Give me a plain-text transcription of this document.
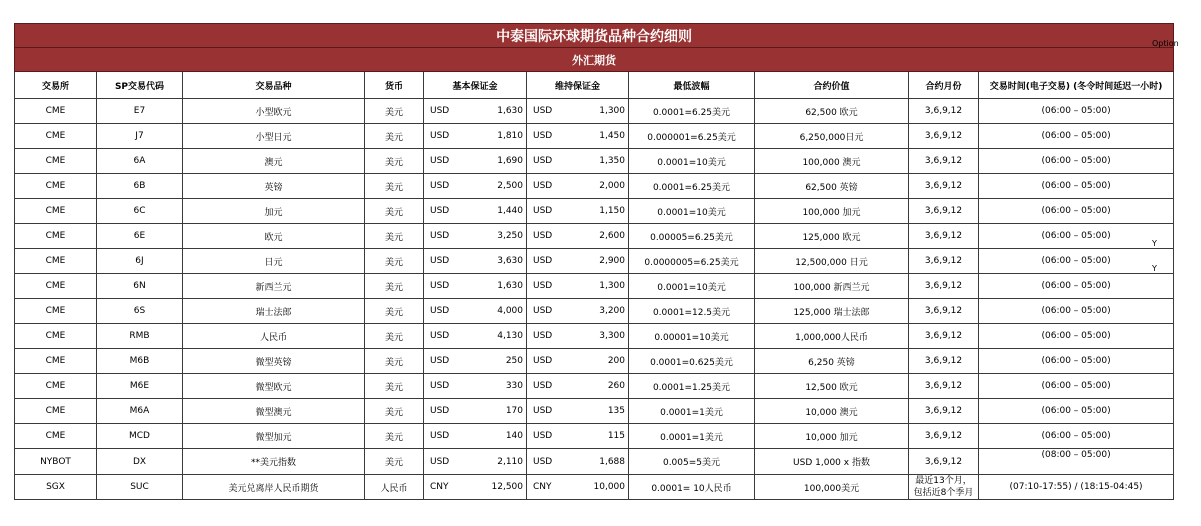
中泰国际环球期货品种合约细则											
外汇期货											
交易所	SP交易代码	交易品种	货币	基本保证金		维持保证金		最低波幅	合约价值	合约月份	交易时间(电子交易) (冬令时间延迟一小时)
CME	E7	小型欧元	美元	USD	1,630	USD	1,300	0.0001=6.25美元	62,500 欧元	3,6,9,12	(06:00 – 05:00)
CME	J7	小型日元	美元	USD	1,810	USD	1,450	0.000001=6.25美元	6,250,000日元	3,6,9,12	(06:00 – 05:00)
CME	6A	澳元	美元	USD	1,690	USD	1,350	0.0001=10美元	100,000 澳元	3,6,9,12	(06:00 – 05:00)
CME	6B	英镑	美元	USD	2,500	USD	2,000	0.0001=6.25美元	62,500 英镑	3,6,9,12	(06:00 – 05:00)
CME	6C	加元	美元	USD	1,440	USD	1,150	0.0001=10美元	100,000 加元	3,6,9,12	(06:00 – 05:00)
CME	6E	欧元	美元	USD	3,250	USD	2,600	0.00005=6.25美元	125,000 欧元	3,6,9,12	(06:00 – 05:00)
CME	6J	日元	美元	USD	3,630	USD	2,900	0.0000005=6.25美元	12,500,000 日元	3,6,9,12	(06:00 – 05:00)
CME	6N	新西兰元	美元	USD	1,630	USD	1,300	0.0001=10美元	100,000 新西兰元	3,6,9,12	(06:00 – 05:00)
CME	6S	瑞士法郎	美元	USD	4,000	USD	3,200	0.0001=12.5美元	125,000 瑞士法郎	3,6,9,12	(06:00 – 05:00)
CME	RMB	人民币	美元	USD	4,130	USD	3,300	0.00001=10美元	1,000,000人民币	3,6,9,12	(06:00 – 05:00)
CME	M6B	微型英镑	美元	USD	250	USD	200	0.0001=0.625美元	6,250 英镑	3,6,9,12	(06:00 – 05:00)
CME	M6E	微型欧元	美元	USD	330	USD	260	0.0001=1.25美元	12,500 欧元	3,6,9,12	(06:00 – 05:00)
CME	M6A	微型澳元	美元	USD	170	USD	135	0.0001=1美元	10,000 澳元	3,6,9,12	(06:00 – 05:00)
CME	MCD	微型加元	美元	USD	140	USD	115	0.0001=1美元	10,000 加元	3,6,9,12	(06:00 – 05:00)
NYBOT	DX	**美元指数	美元	USD	2,110	USD	1,688	0.005=5美元	USD 1,000 x 指数	3,6,9,12	(08:00 – 05:00)
SGX	SUC	美元兑离岸人民币期货	人民币	CNY	12,500	CNY	10,000	0.0001= 10人民币	100,000美元	最近13个月，包括近8个季月	(07:10-17:55) / (18:15-04:45)
Option
Y
Y
